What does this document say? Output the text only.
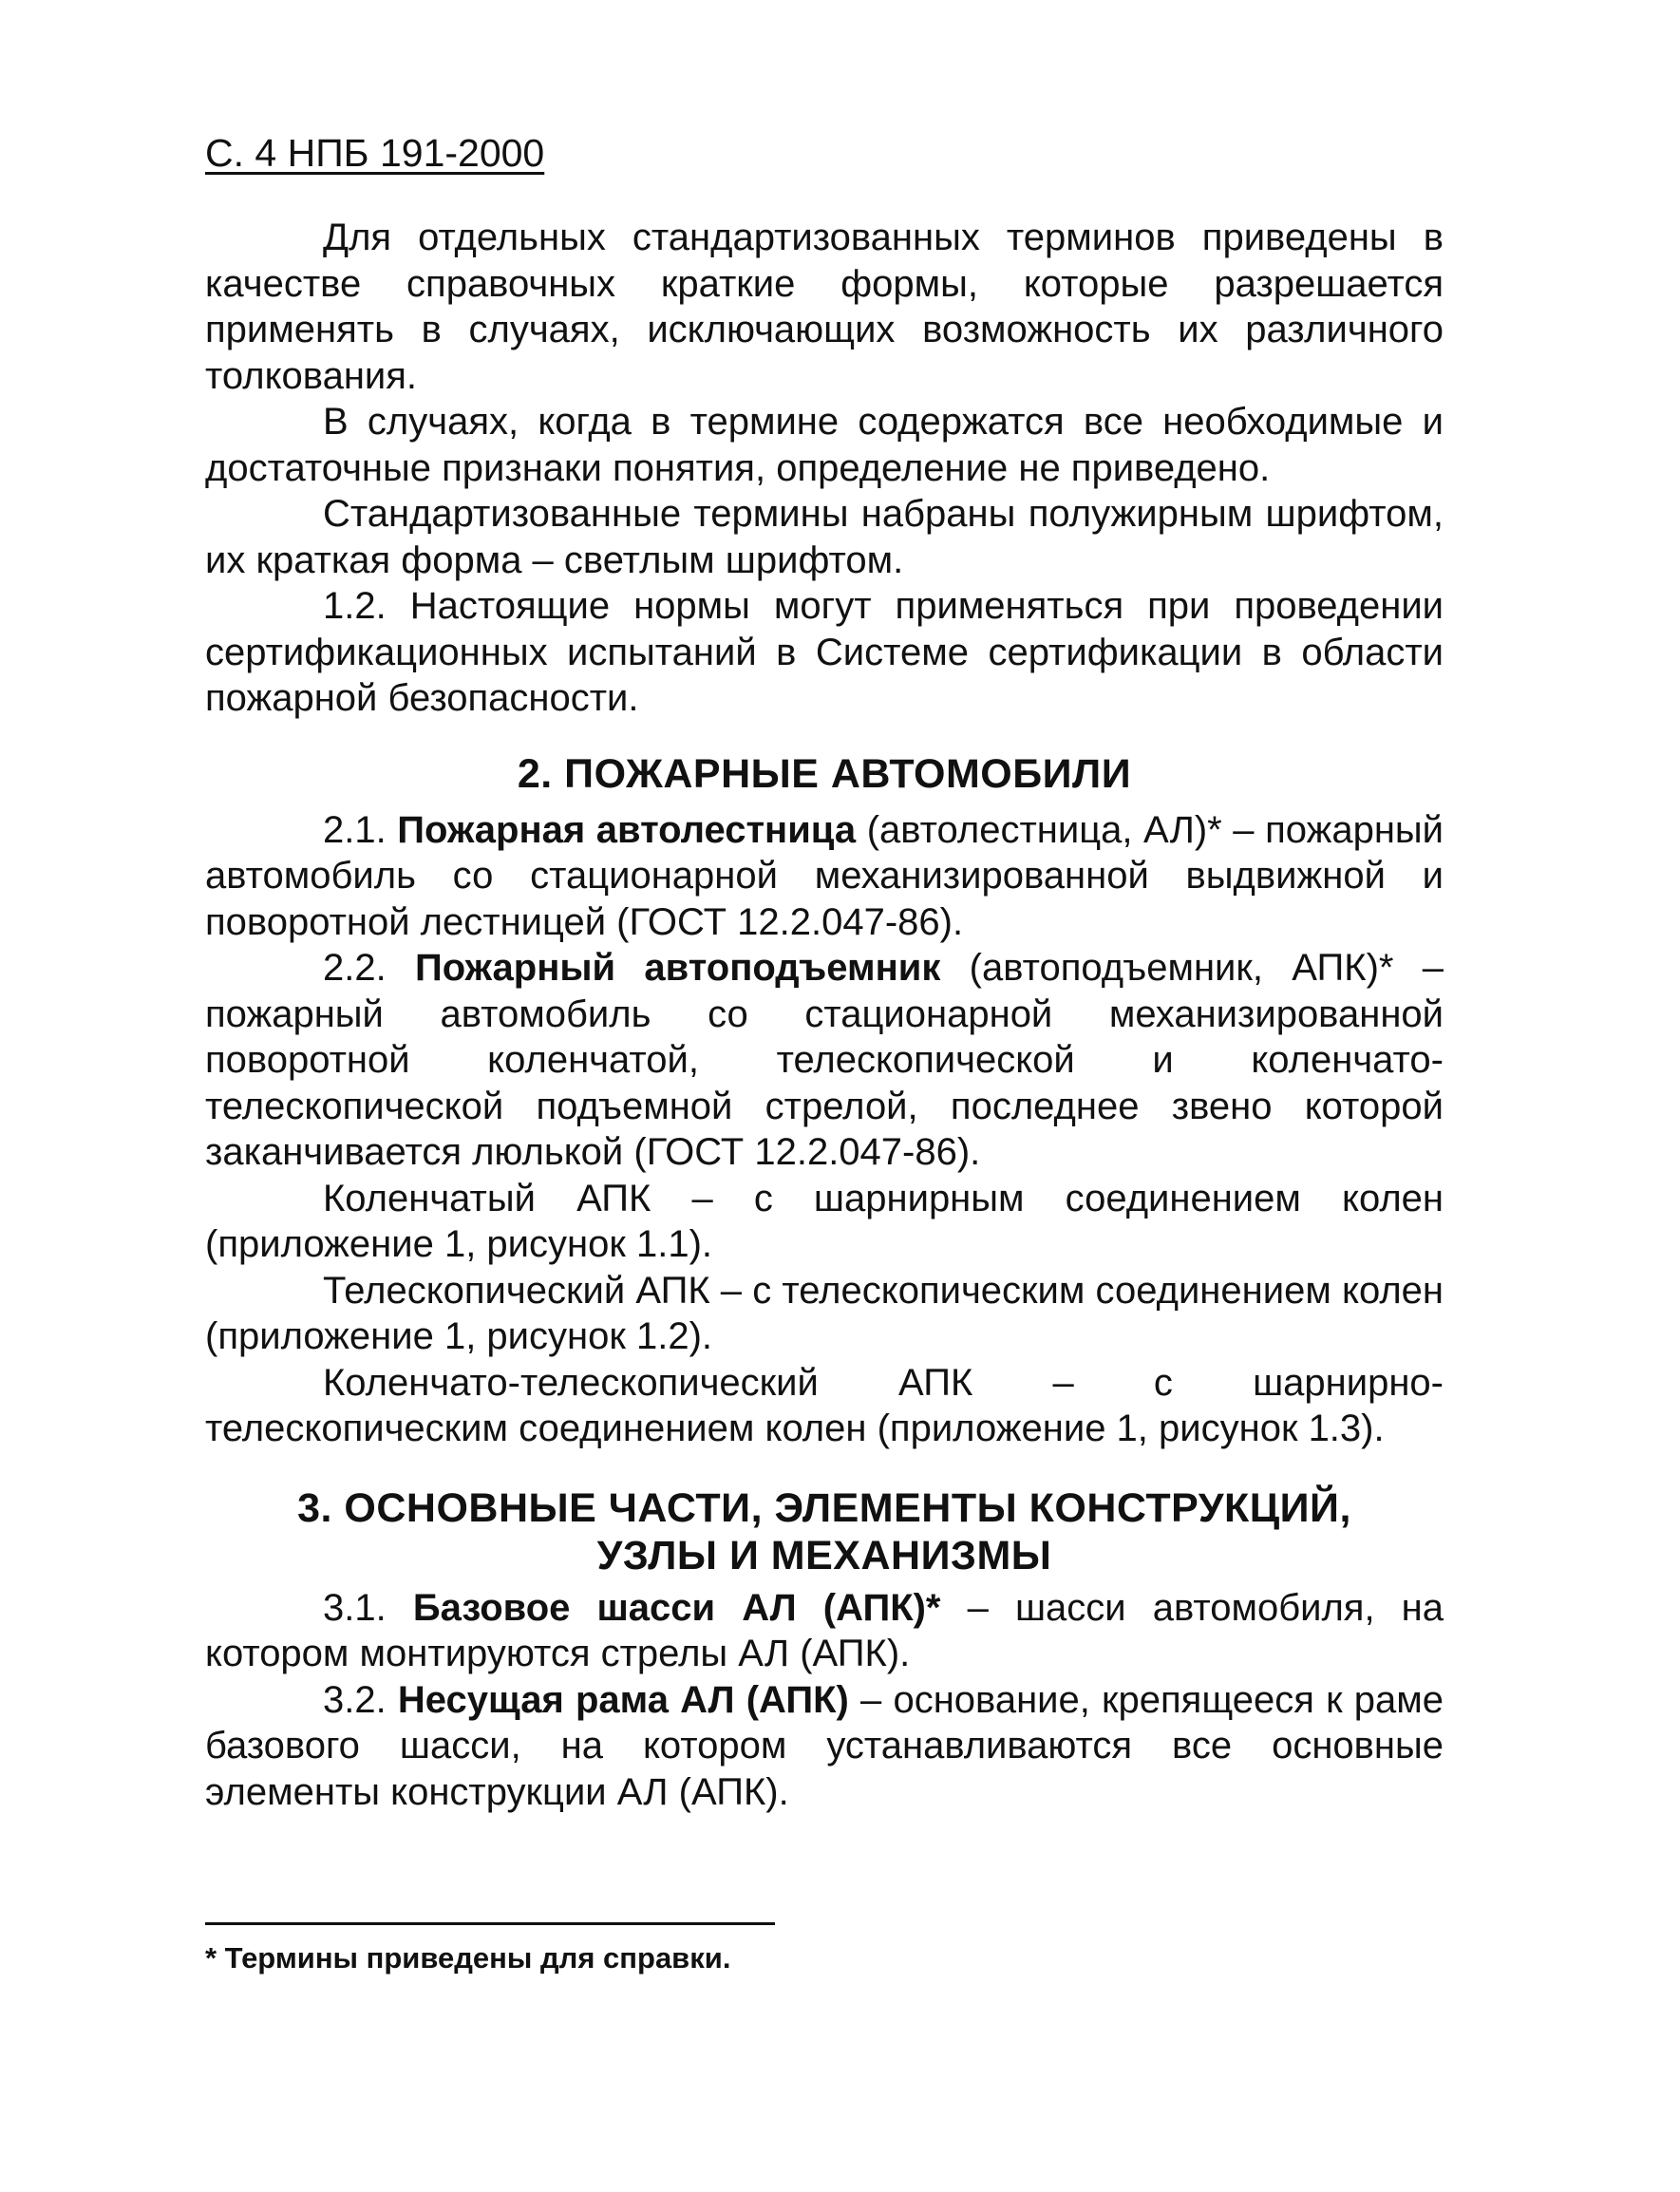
С. 4 НПБ 191-2000

Для отдельных стандартизованных терминов приведены в качестве справочных краткие формы, которые разрешается применять в случаях, исключающих возможность их различного толкования.

В случаях, когда в термине содержатся все необходимые и достаточные признаки понятия, определение не приведено.

Стандартизованные термины набраны полужирным шрифтом, их краткая форма – светлым шрифтом.

1.2. Настоящие нормы могут применяться при проведении сертификационных испытаний в Системе сертификации в области пожарной безопасности.

2. ПОЖАРНЫЕ АВТОМОБИЛИ

2.1. Пожарная автолестница (автолестница, АЛ)* – пожарный автомобиль со стационарной механизированной выдвижной и поворотной лестницей (ГОСТ 12.2.047-86).

2.2. Пожарный автоподъемник (автоподъемник, АПК)* – пожарный автомобиль со стационарной механизированной поворотной коленчатой, телескопической и коленчато-телескопической подъемной стрелой, последнее звено которой заканчивается люлькой (ГОСТ 12.2.047-86).

Коленчатый АПК – с шарнирным соединением колен (приложение 1, рисунок 1.1).

Телескопический АПК – с телескопическим соединением колен (приложение 1, рисунок 1.2).

Коленчато-телескопический АПК – с шарнирно-телескопическим соединением колен (приложение 1, рисунок 1.3).

3. ОСНОВНЫЕ ЧАСТИ, ЭЛЕМЕНТЫ КОНСТРУКЦИЙ,
УЗЛЫ И МЕХАНИЗМЫ

3.1. Базовое шасси АЛ (АПК)* – шасси автомобиля, на котором монтируются стрелы АЛ (АПК).

3.2. Несущая рама АЛ (АПК) – основание, крепящееся к раме базового шасси, на котором устанавливаются все основные элементы конструкции АЛ (АПК).

* Термины приведены для справки.
